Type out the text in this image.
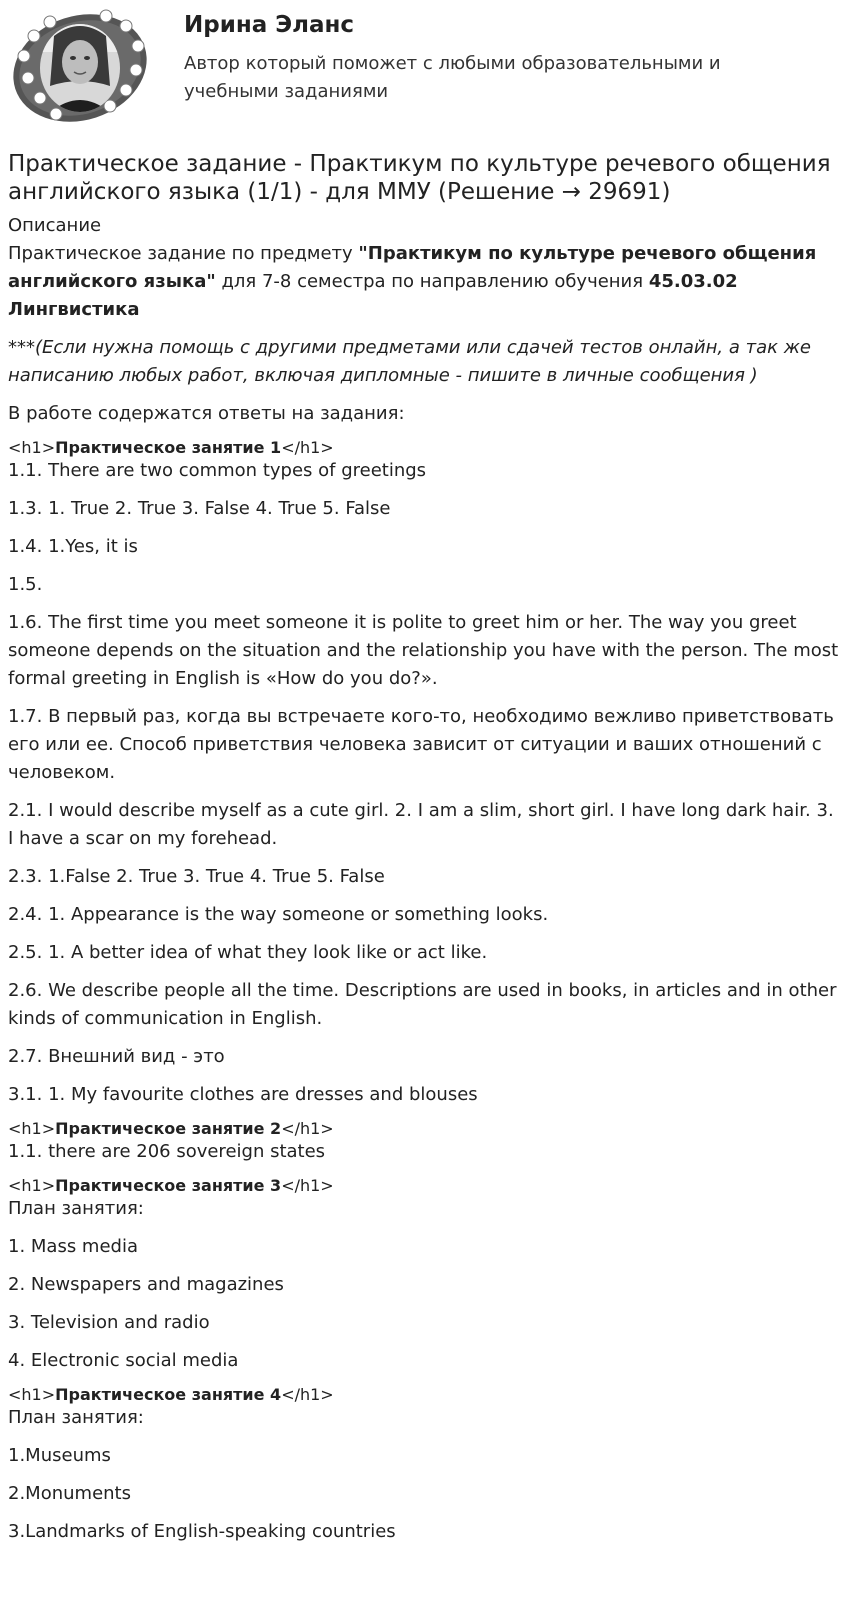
Ирина Эланс
Автор который поможет с любыми образовательными и учебными заданиями
Практическое задание - Практикум по культуре речевого общения английского языка (1/1) - для ММУ (Решение → 29691)
Описание

Практическое задание по предмету "Практикум по культуре речевого общения английского языка" для 7-8 семестра по направлению обучения 45.03.02 Лингвистика

***(Если нужна помощь с другими предметами или сдачей тестов онлайн, а так же написанию любых работ, включая дипломные - пишите в личные сообщения )

В работе содержатся ответы на задания:

<h1>Практическое занятие 1</h1>

1.1. There are two common types of greetings

1.3. 1. True 2. True 3. False 4. True 5. False

1.4. 1.Yes, it is

1.5.

1.6. The first time you meet someone it is polite to greet him or her. The way you greet someone depends on the situation and the relationship you have with the person. The most formal greeting in English is «How do you do?».

1.7. В первый раз, когда вы встречаете кого-то, необходимо вежливо приветствовать его или ее. Способ приветствия человека зависит от ситуации и ваших отношений с человеком.

2.1. I would describe myself as a cute girl. 2. I am a slim, short girl. I have long dark hair. 3. I have a scar on my forehead.

2.3. 1.False 2. True 3. True 4. True 5. False

2.4. 1. Appearance is the way someone or something looks.

2.5. 1. A better idea of what they look like or act like.

2.6. We describe people all the time. Descriptions are used in books, in articles and in other kinds of communication in English.

2.7. Внешний вид - это

3.1. 1. My favourite clothes are dresses and blouses

<h1>Практическое занятие 2</h1>

1.1. there are 206 sovereign states

<h1>Практическое занятие 3</h1>

План занятия:

1. Mass media

2. Newspapers and magazines

3. Television and radio

4. Electronic social media

<h1>Практическое занятие 4</h1>

План занятия:

1.Museums

2.Monuments

3.Landmarks of English-speaking countries
